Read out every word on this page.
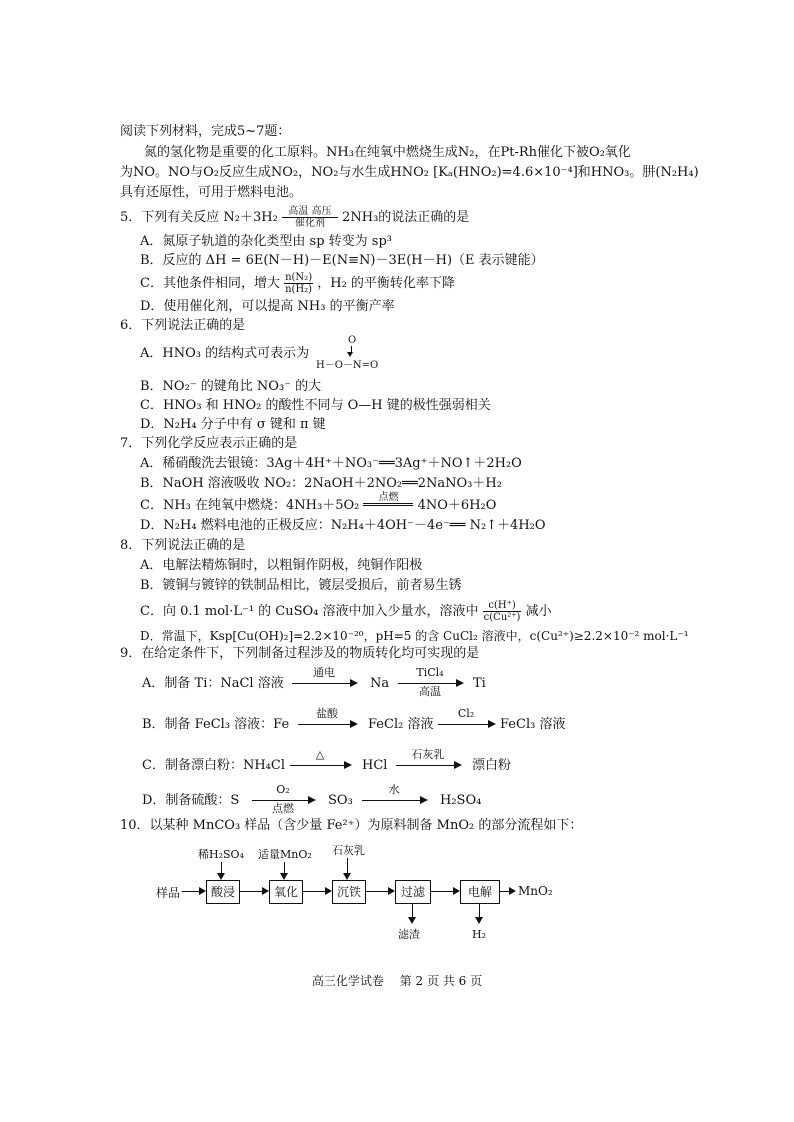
阅读下列材料，完成5~7题：
氮的氢化物是重要的化工原料。NH₃在纯氧中燃烧生成N₂，在Pt-Rh催化下被O₂氧化
为NO。NO与O₂反应生成NO₂，NO₂与水生成HNO₂ [Kₐ(HNO₂)=4.6×10⁻⁴]和HNO₃。肼(N₂H₄)
具有还原性，可用于燃料电池。
5．下列有关反应 N₂＋3H₂	高温 高压
催化剂	2NH₃的说法正确的是
A．氮原子轨道的杂化类型由 sp 转变为 sp³
B．反应的 ΔH = 6E(N－H)－E(N≡N)－3E(H－H)（E 表示键能）
C．其他条件相同，增大 $\frac{\text{n(N₂)}}{\text{n(H₂)}}$ ，H₂ 的平衡转化率下降
D．使用催化剂，可以提高 NH₃ 的平衡产率
6．下列说法正确的是
A．HNO₃ 的结构式可表示为
O
H－O－N=O
B．NO₂⁻ 的键角比 NO₃⁻ 的大
C．HNO₃ 和 HNO₂ 的酸性不同与 O—H 键的极性强弱相关
D．N₂H₄ 分子中有 σ 键和 π 键
7．下列化学反应表示正确的是
A．稀硝酸洗去银镜：3Ag＋4H⁺＋NO₃⁻══3Ag⁺＋NO↑＋2H₂O
B．NaOH 溶液吸收 NO₂：2NaOH＋2NO₂══2NaNO₃＋H₂
C．NH₃ 在纯氧中燃烧：4NH₃＋5O₂
点燃
4NO＋6H₂O
D．N₂H₄ 燃料电池的正极反应：N₂H₄＋4OH⁻－4e⁻══ N₂↑＋4H₂O
8．下列说法正确的是
A．电解法精炼铜时，以粗铜作阴极，纯铜作阳极
B．镀铜与镀锌的铁制品相比，镀层受损后，前者易生锈
C．向 0.1 mol·L⁻¹ 的 CuSO₄ 溶液中加入少量水，溶液中 $\frac{c(H^+)}{\text{c(Cu²⁺)}}$ 减小
D．常温下，Ksp[Cu(OH)₂]=2.2×10⁻²⁰，pH=5 的含 CuCl₂ 溶液中，c(Cu²⁺)≥2.2×10⁻² mol·L⁻¹
9．在给定条件下，下列制备过程涉及的物质转化均可实现的是
A．制备 Ti：NaCl 溶液
通电
Na
TiCl₄
高温
Ti
B．制备 FeCl₃ 溶液：Fe
盐酸
FeCl₂ 溶液
Cl₂
FeCl₃ 溶液
C．制备漂白粉：NH₄Cl
△
HCl
石灰乳
漂白粉
D．制备硫酸：S
O₂
点燃
SO₃
水
H₂SO₄
10．以某种 MnCO₃ 样品（含少量 Fe²⁺）为原料制备 MnO₂ 的部分流程如下：
稀H₂SO₄ 适量MnO₂ 石灰乳
样品	酸浸	氧化	沉铁	过滤	电解	MnO₂
滤渣	H₂
高三化学试卷　 第 2 页 共 6 页
